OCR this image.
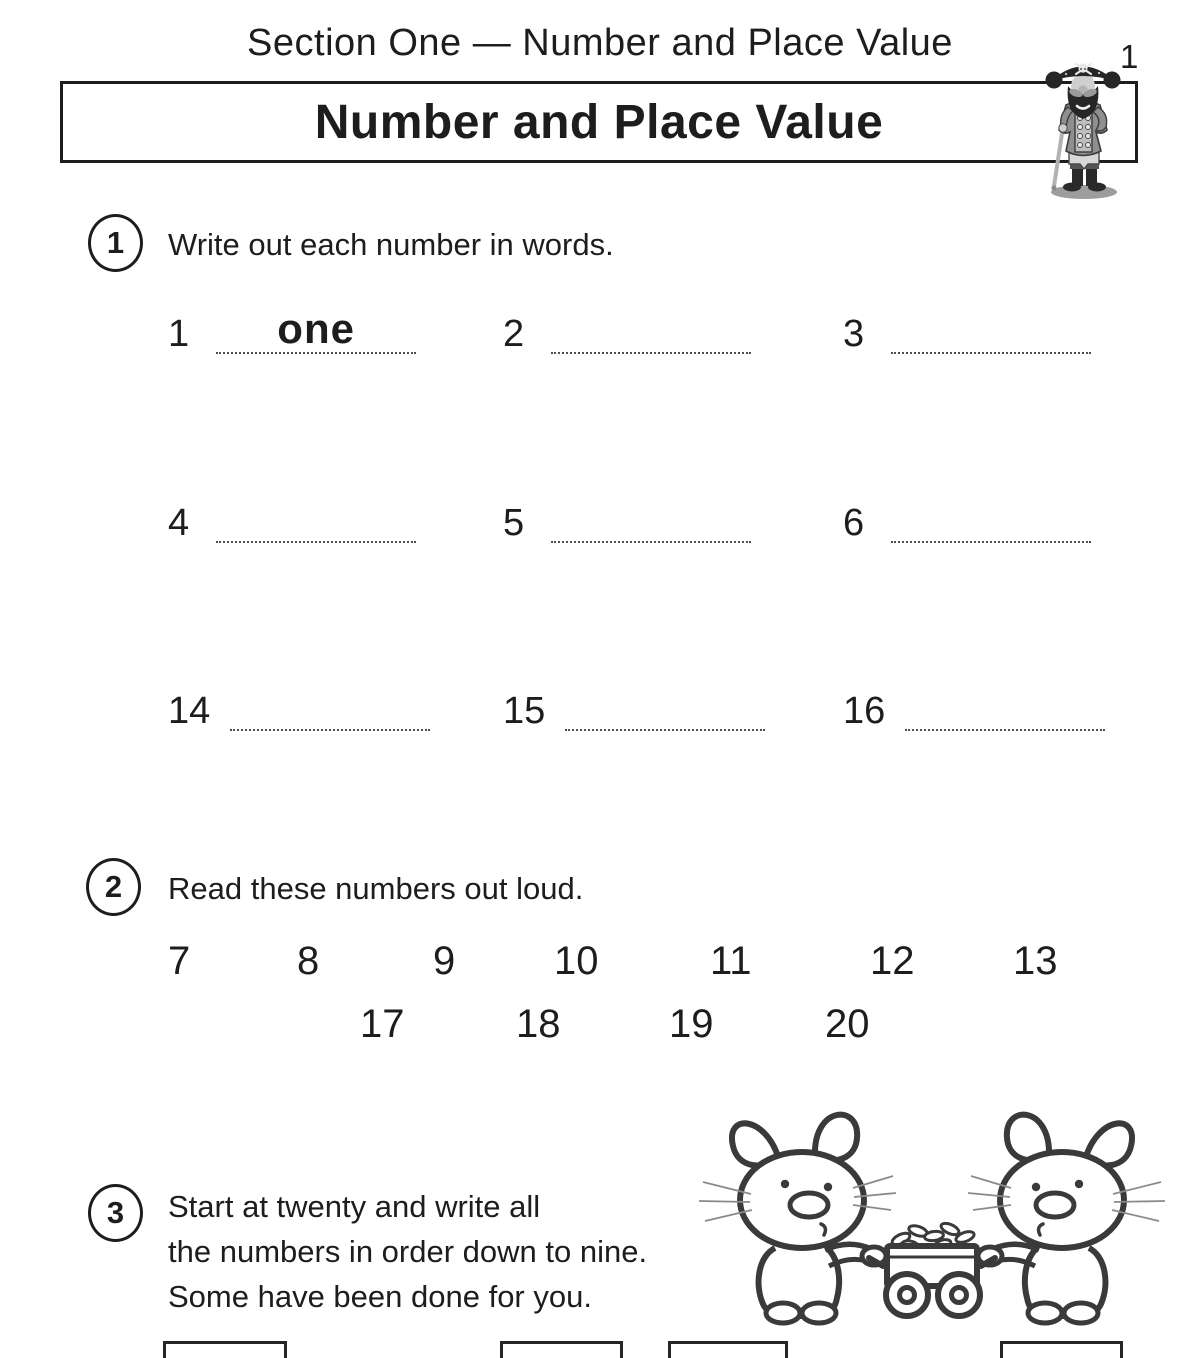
Section One — Number and Place Value	1
Number and Place Value
1	Write out each number in words.
1 one	2	3
4	5	6
14	15	16
2	Read these numbers out loud.
7	8	9 10	11	12 13
17	18	19	20
3	Start at twenty and write all
the numbers in order down to nine.
Some have been done for you.
